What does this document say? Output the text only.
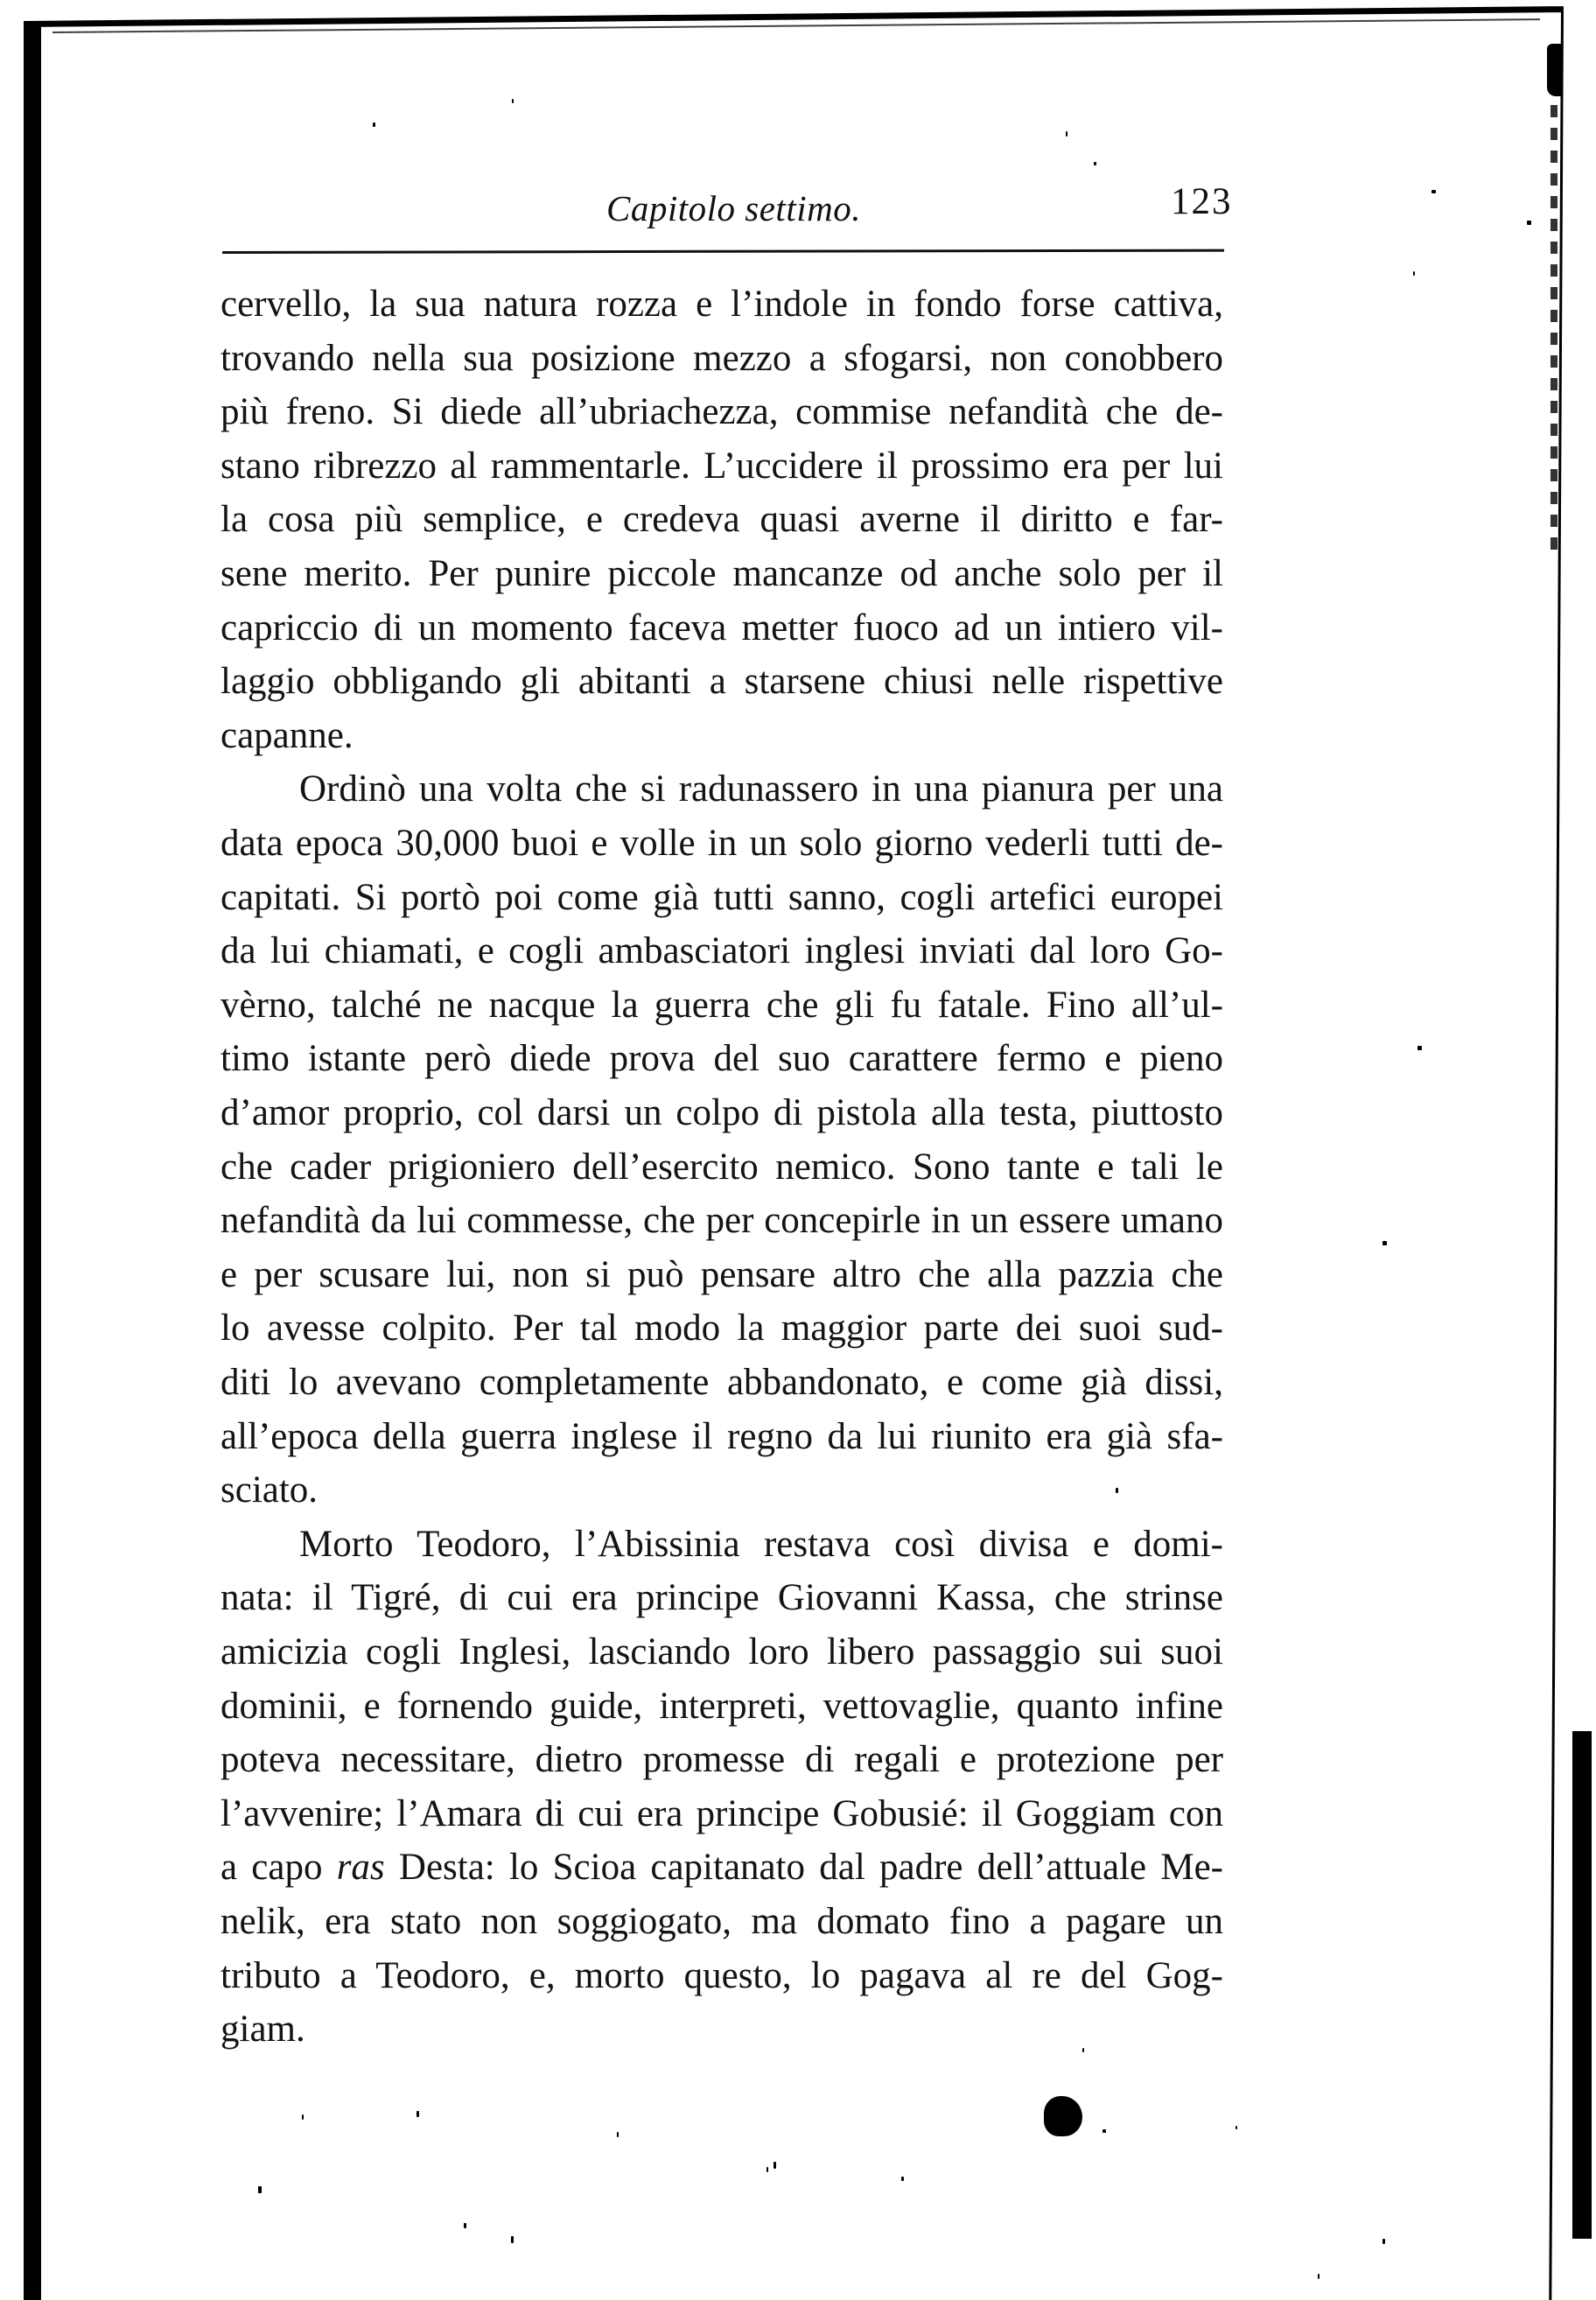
Capitolo settimo.	123
cervello, la sua natura rozza e l’indole in fondo forse cattiva,
trovando nella sua posizione mezzo a sfogarsi, non conobbero
più freno. Si diede all’ubriachezza, commise nefandità che de-
stano ribrezzo al rammentarle. L’uccidere il prossimo era per lui
la cosa più semplice, e credeva quasi averne il diritto e far-
sene merito. Per punire piccole mancanze od anche solo per il
capriccio di un momento faceva metter fuoco ad un intiero vil-
laggio obbligando gli abitanti a starsene chiusi nelle rispettive
capanne.
Ordinò una volta che si radunassero in una pianura per una
data epoca 30,000 buoi e volle in un solo giorno vederli tutti de-
capitati. Si portò poi come già tutti sanno, cogli artefici europei
da lui chiamati, e cogli ambasciatori inglesi inviati dal loro Go-
vèrno, talché ne nacque la guerra che gli fu fatale. Fino all’ul-
timo istante però diede prova del suo carattere fermo e pieno
d’amor proprio, col darsi un colpo di pistola alla testa, piuttosto
che cader prigioniero dell’esercito nemico. Sono tante e tali le
nefandità da lui commesse, che per concepirle in un essere umano
e per scusare lui, non si può pensare altro che alla pazzia che
lo avesse colpito. Per tal modo la maggior parte dei suoi sud-
diti lo avevano completamente abbandonato, e come già dissi,
all’epoca della guerra inglese il regno da lui riunito era già sfa-
sciato.
Morto Teodoro, l’Abissinia restava così divisa e domi-
nata: il Tigré, di cui era principe Giovanni Kassa, che strinse
amicizia cogli Inglesi, lasciando loro libero passaggio sui suoi
dominii, e fornendo guide, interpreti, vettovaglie, quanto infine
poteva necessitare, dietro promesse di regali e protezione per
l’avvenire; l’Amara di cui era principe Gobusié: il Goggiam con
a capo ras Desta: lo Scioa capitanato dal padre dell’attuale Me-
nelik, era stato non soggiogato, ma domato fino a pagare un
tributo a Teodoro, e, morto questo, lo pagava al re del Gog-
giam.
